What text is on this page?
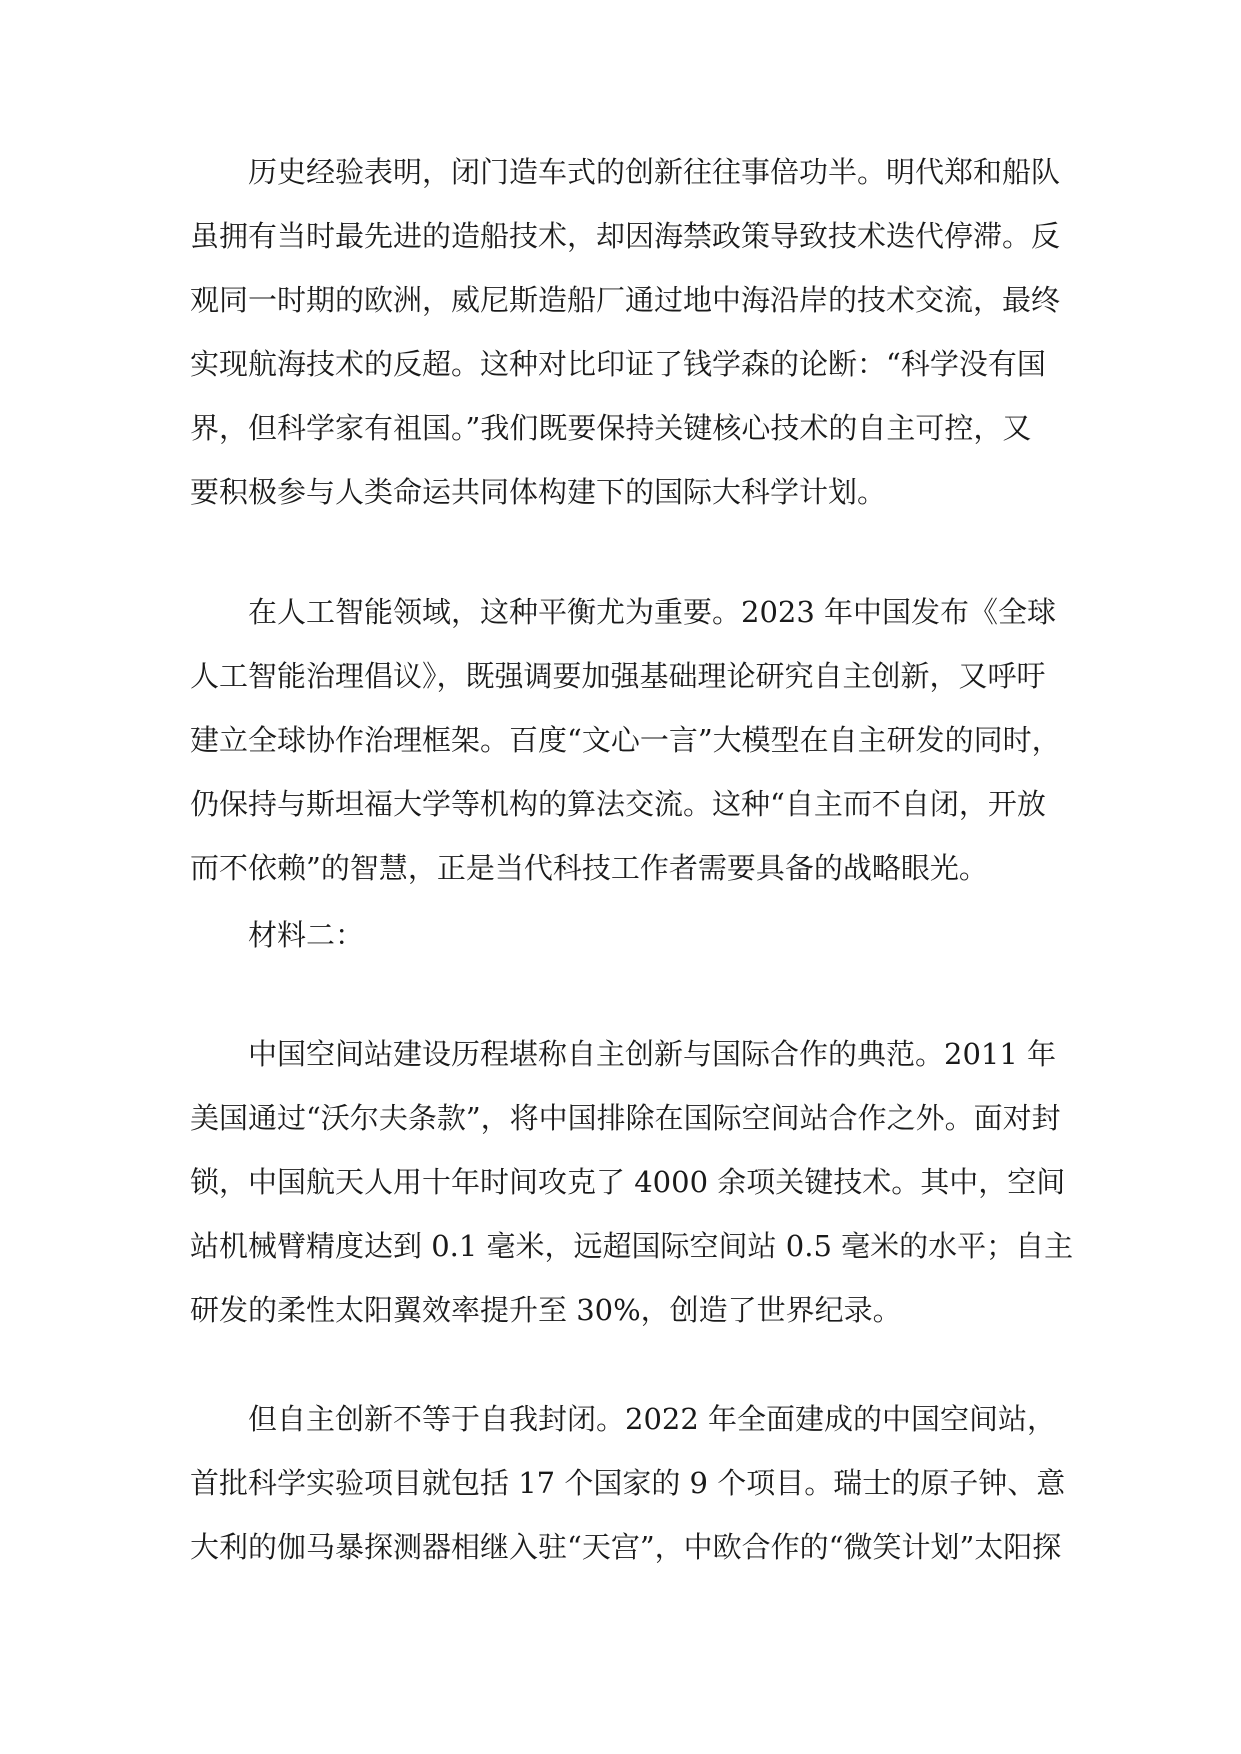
历史经验表明，闭门造车式的创新往往事倍功半。明代郑和船队
虽拥有当时最先进的造船技术，却因海禁政策导致技术迭代停滞。反
观同一时期的欧洲，威尼斯造船厂通过地中海沿岸的技术交流，最终
实现航海技术的反超。这种对比印证了钱学森的论断：“科学没有国
界，但科学家有祖国。”我们既要保持关键核心技术的自主可控，又
要积极参与人类命运共同体构建下的国际大科学计划。
在人工智能领域，这种平衡尤为重要。2023 年中国发布《全球
人工智能治理倡议》，既强调要加强基础理论研究自主创新，又呼吁
建立全球协作治理框架。百度“文心一言”大模型在自主研发的同时，
仍保持与斯坦福大学等机构的算法交流。这种“自主而不自闭，开放
而不依赖”的智慧，正是当代科技工作者需要具备的战略眼光。
材料二：
中国空间站建设历程堪称自主创新与国际合作的典范。2011 年
美国通过“沃尔夫条款”，将中国排除在国际空间站合作之外。面对封
锁，中国航天人用十年时间攻克了 4000 余项关键技术。其中，空间
站机械臂精度达到 0.1 毫米，远超国际空间站 0.5 毫米的水平；自主
研发的柔性太阳翼效率提升至 30%，创造了世界纪录。
但自主创新不等于自我封闭。2022 年全面建成的中国空间站，
首批科学实验项目就包括 17 个国家的 9 个项目。瑞士的原子钟、意
大利的伽马暴探测器相继入驻“天宫”，中欧合作的“微笑计划”太阳探
